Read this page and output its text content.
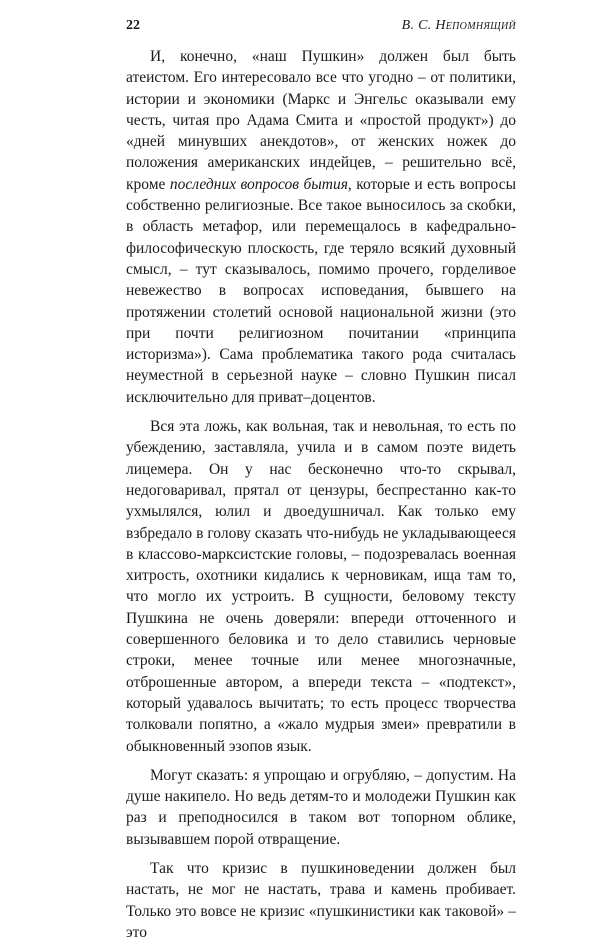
22	В. С. Непомнящий

И, конечно, «наш Пушкин» должен был быть атеистом. Его интересовало все что угодно – от политики, истории и экономики (Маркс и Энгельс оказывали ему честь, читая про Адама Смита и «простой продукт») до «дней минувших анекдотов», от женских ножек до положения американских индейцев, – решительно всё, кроме последних вопросов бытия, которые и есть вопросы собственно религиозные. Все такое выносилось за скобки, в область метафор, или перемещалось в кафедрально-философическую плоскость, где теряло всякий духовный смысл, – тут сказывалось, помимо прочего, горделивое невежество в вопросах исповедания, бывшего на протяжении столетий основой национальной жизни (это при почти религиозном почитании «принципа историзма»). Сама проблематика такого рода считалась неуместной в серьезной науке – словно Пушкин писал исключительно для приват–доцентов.

Вся эта ложь, как вольная, так и невольная, то есть по убеждению, заставляла, учила и в самом поэте видеть лицемера. Он у нас бесконечно что-то скрывал, недоговаривал, прятал от цензуры, беспрестанно как-то ухмылялся, юлил и двоедушничал. Как только ему взбредало в голову сказать что-нибудь не укладывающееся в классово-марксистские головы, – подозревалась военная хитрость, охотники кидались к черновикам, ища там то, что могло их устроить. В сущности, беловому тексту Пушкина не очень доверяли: впереди отточенного и совершенного беловика и то дело ставились черновые строки, менее точные или менее многозначные, отброшенные автором, а впереди текста – «подтекст», который удавалось вычитать; то есть процесс творчества толковали попятно, а «жало мудрыя змеи» превратили в обыкновенный эзопов язык.

Могут сказать: я упрощаю и огрубляю, – допустим. На душе накипело. Но ведь детям-то и молодежи Пушкин как раз и преподносился в таком вот топорном облике, вызывавшем порой отвращение.

Так что кризис в пушкиноведении должен был настать, не мог не настать, трава и камень пробивает. Только это вовсе не кризис «пушкинистики как таковой» – это
